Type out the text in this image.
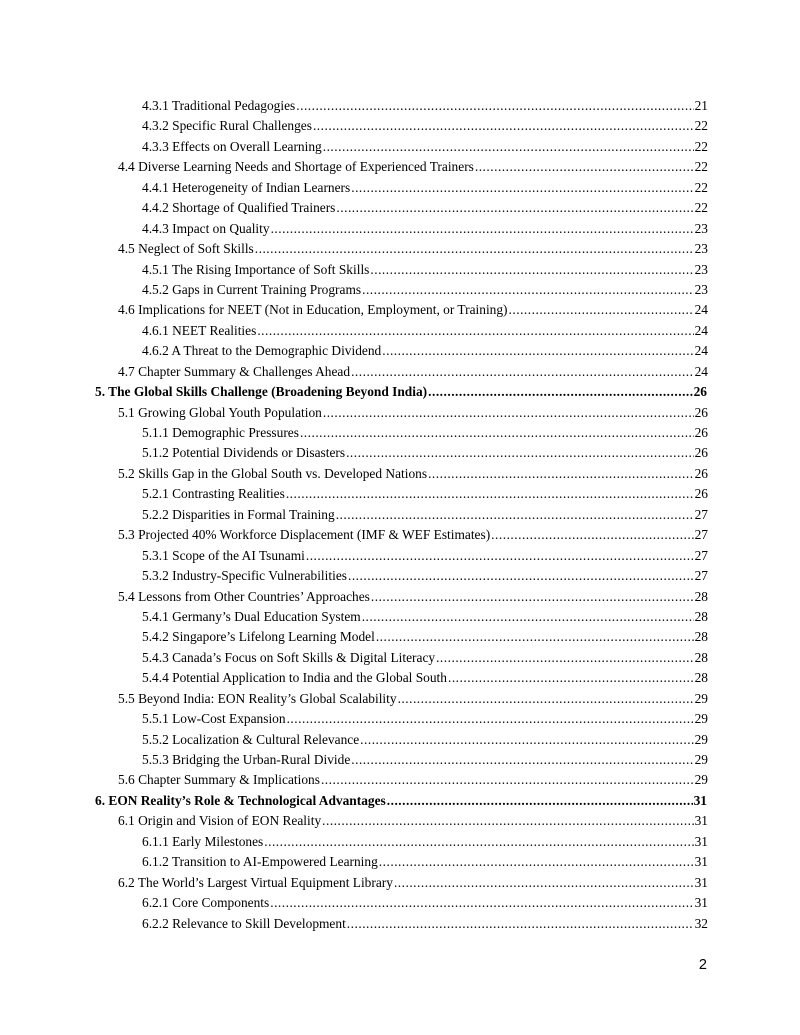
4.3.1 Traditional Pedagogies .....	21
4.3.2 Specific Rural Challenges .....	22
4.3.3 Effects on Overall Learning .....	22
4.4 Diverse Learning Needs and Shortage of Experienced Trainers .....	22
4.4.1 Heterogeneity of Indian Learners .....	22
4.4.2 Shortage of Qualified Trainers .....	22
4.4.3 Impact on Quality .....	23
4.5 Neglect of Soft Skills .....	23
4.5.1 The Rising Importance of Soft Skills .....	23
4.5.2 Gaps in Current Training Programs .....	23
4.6 Implications for NEET (Not in Education, Employment, or Training) .....	24
4.6.1 NEET Realities .....	24
4.6.2 A Threat to the Demographic Dividend .....	24
4.7 Chapter Summary & Challenges Ahead .....	24
5. The Global Skills Challenge (Broadening Beyond India) .....	26
5.1 Growing Global Youth Population .....	26
5.1.1 Demographic Pressures .....	26
5.1.2 Potential Dividends or Disasters .....	26
5.2 Skills Gap in the Global South vs. Developed Nations .....	26
5.2.1 Contrasting Realities .....	26
5.2.2 Disparities in Formal Training .....	27
5.3 Projected 40% Workforce Displacement (IMF & WEF Estimates) .....	27
5.3.1 Scope of the AI Tsunami .....	27
5.3.2 Industry-Specific Vulnerabilities .....	27
5.4 Lessons from Other Countries’ Approaches .....	28
5.4.1 Germany’s Dual Education System .....	28
5.4.2 Singapore’s Lifelong Learning Model .....	28
5.4.3 Canada’s Focus on Soft Skills & Digital Literacy .....	28
5.4.4 Potential Application to India and the Global South .....	28
5.5 Beyond India: EON Reality’s Global Scalability .....	29
5.5.1 Low-Cost Expansion .....	29
5.5.2 Localization & Cultural Relevance .....	29
5.5.3 Bridging the Urban-Rural Divide .....	29
5.6 Chapter Summary & Implications .....	29
6. EON Reality’s Role & Technological Advantages .....	31
6.1 Origin and Vision of EON Reality .....	31
6.1.1 Early Milestones .....	31
6.1.2 Transition to AI-Empowered Learning .....	31
6.2 The World’s Largest Virtual Equipment Library .....	31
6.2.1 Core Components .....	31
6.2.2 Relevance to Skill Development .....	32
2
